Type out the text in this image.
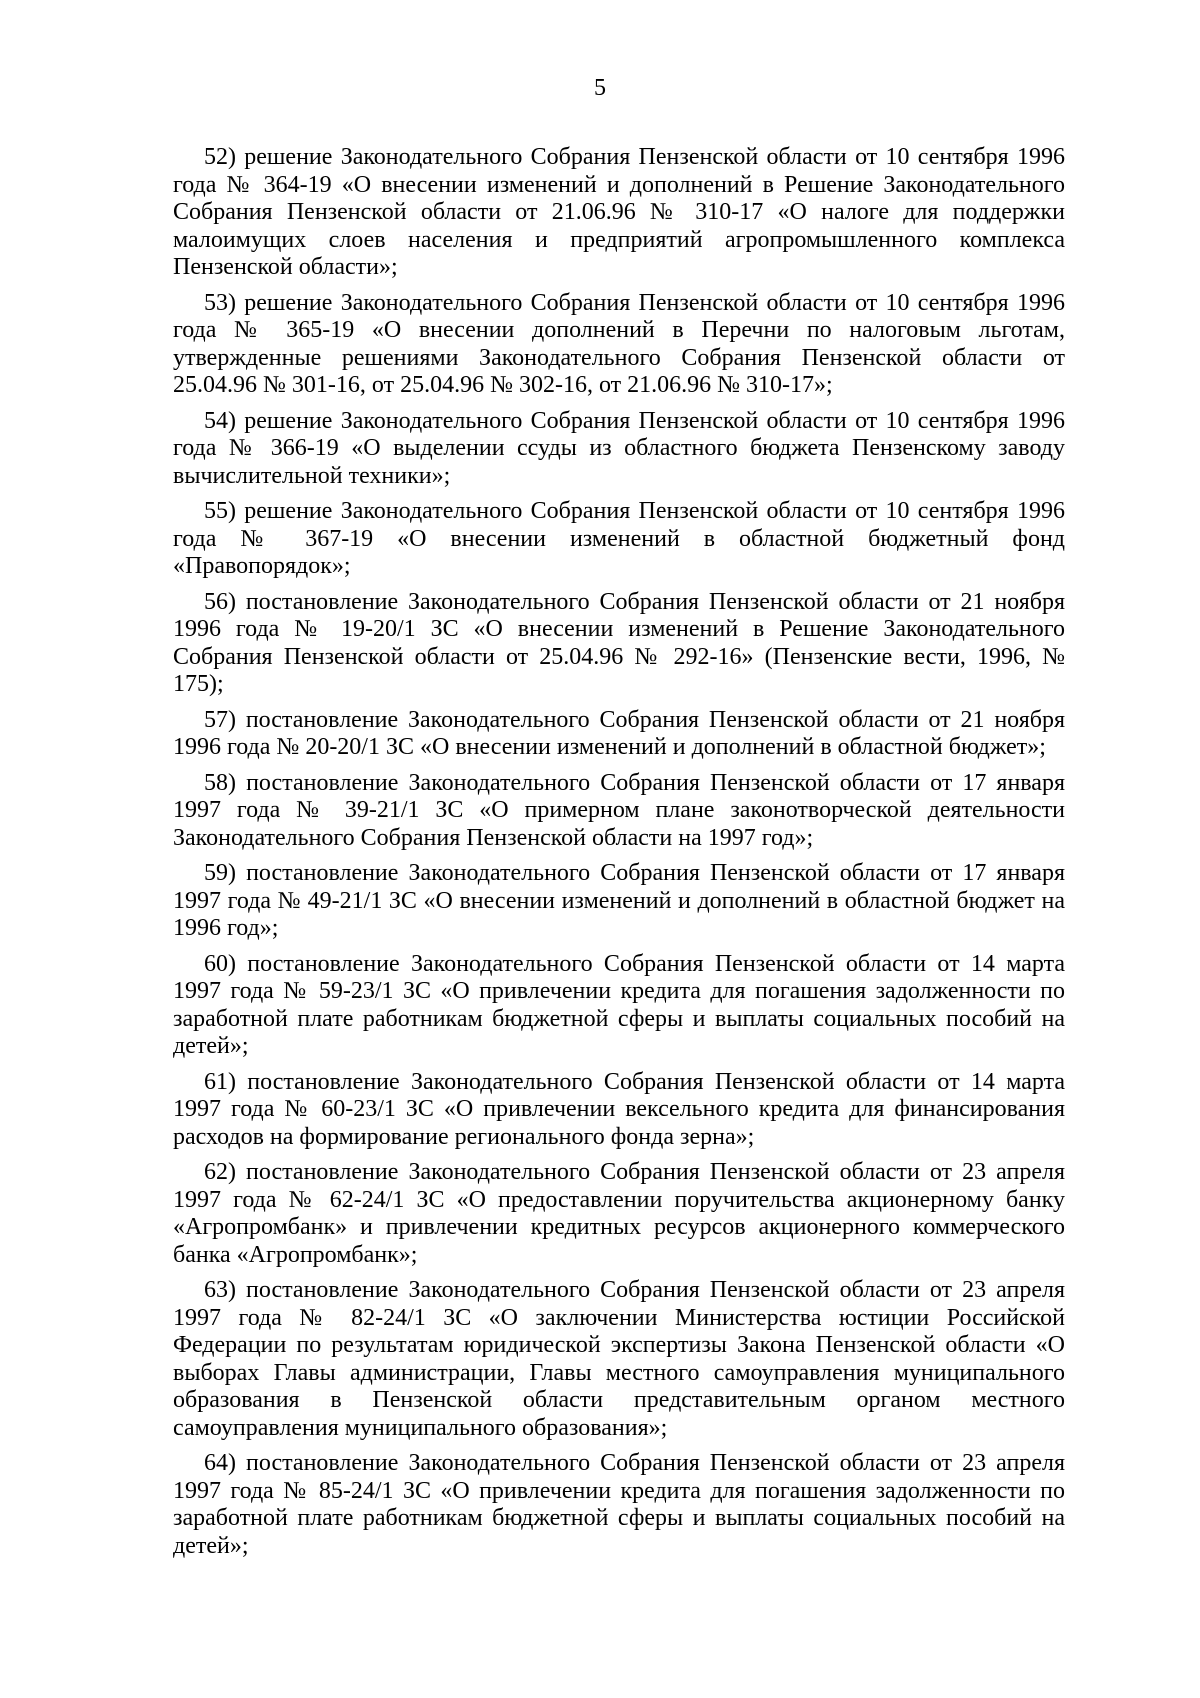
5

52) решение Законодательного Собрания Пензенской области от 10 сентября 1996 года № 364-19 «О внесении изменений и дополнений в Решение Законодательного Собрания Пензенской области от 21.06.96 № 310-17 «О налоге для поддержки малоимущих слоев населения и предприятий агропромышленного комплекса Пензенской области»;

53) решение Законодательного Собрания Пензенской области от 10 сентября 1996 года № 365-19 «О внесении дополнений в Перечни по налоговым льготам, утвержденные решениями Законодательного Собрания Пензенской области от 25.04.96 № 301-16, от 25.04.96 № 302-16, от 21.06.96 № 310-17»;

54) решение Законодательного Собрания Пензенской области от 10 сентября 1996 года № 366-19 «О выделении ссуды из областного бюджета Пензенскому заводу вычислительной техники»;

55) решение Законодательного Собрания Пензенской области от 10 сентября 1996 года № 367-19 «О внесении изменений в областной бюджетный фонд «Правопорядок»;

56) постановление Законодательного Собрания Пензенской области от 21 ноября 1996 года № 19-20/1 ЗС «О внесении изменений в Решение Законодательного Собрания Пензенской области от 25.04.96 № 292-16» (Пензенские вести, 1996, № 175);

57) постановление Законодательного Собрания Пензенской области от 21 ноября 1996 года № 20-20/1 ЗС «О внесении изменений и дополнений в областной бюджет»;

58) постановление Законодательного Собрания Пензенской области от 17 января 1997 года № 39-21/1 ЗС «О примерном плане законотворческой деятельности Законодательного Собрания Пензенской области на 1997 год»;

59) постановление Законодательного Собрания Пензенской области от 17 января 1997 года № 49-21/1 ЗС «О внесении изменений и дополнений в областной бюджет на 1996 год»;

60) постановление Законодательного Собрания Пензенской области от 14 марта 1997 года № 59-23/1 ЗС «О привлечении кредита для погашения задолженности по заработной плате работникам бюджетной сферы и выплаты социальных пособий на детей»;

61) постановление Законодательного Собрания Пензенской области от 14 марта 1997 года № 60-23/1 ЗС «О привлечении вексельного кредита для финансирования расходов на формирование регионального фонда зерна»;

62) постановление Законодательного Собрания Пензенской области от 23 апреля 1997 года № 62-24/1 ЗС «О предоставлении поручительства акционерному банку «Агропромбанк» и привлечении кредитных ресурсов акционерного коммерческого банка «Агропромбанк»;

63) постановление Законодательного Собрания Пензенской области от 23 апреля 1997 года № 82-24/1 ЗС «О заключении Министерства юстиции Российской Федерации по результатам юридической экспертизы Закона Пензенской области «О выборах Главы администрации, Главы местного самоуправления муниципального образования в Пензенской области представительным органом местного самоуправления муниципального образования»;

64) постановление Законодательного Собрания Пензенской области от 23 апреля 1997 года № 85-24/1 ЗС «О привлечении кредита для погашения задолженности по заработной плате работникам бюджетной сферы и выплаты социальных пособий на детей»;
